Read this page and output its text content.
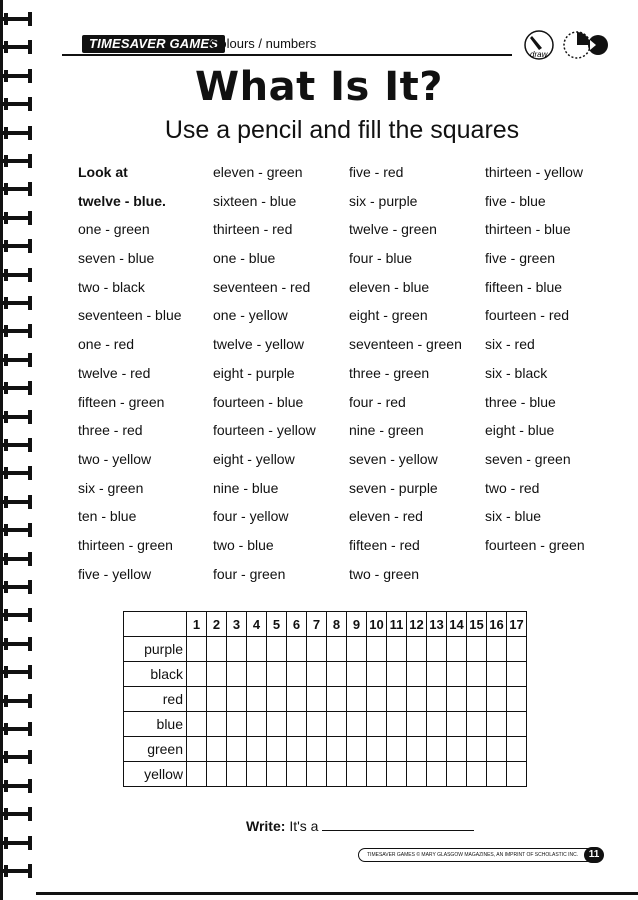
TIMESAVER GAMES
Colours / numbers
draw
What Is It?
Use a pencil and fill the squares
Look at
twelve - blue.
one - green
seven - blue
two - black
seventeen - blue
one - red
twelve - red
fifteen - green
three - red
two - yellow
six - green
ten - blue
thirteen - green
five - yellow
eleven - green
sixteen - blue
thirteen - red
one - blue
seventeen - red
one - yellow
twelve - yellow
eight - purple
fourteen - blue
fourteen - yellow
eight - yellow
nine - blue
four - yellow
two - blue
four - green
five - red
six - purple
twelve - green
four - blue
eleven - blue
eight - green
seventeen - green
three - green
four - red
nine - green
seven - yellow
seven - purple
eleven - red
fifteen - red
two - green
thirteen - yellow
five - blue
thirteen - blue
five - green
fifteen - blue
fourteen - red
six - red
six - black
three - blue
eight - blue
seven - green
two - red
six - blue
fourteen - green
	1	2	3	4	5	6	7	8	9	10	11	12	13	14	15	16	17
purple																	
black																	
red																	
blue																	
green																	
yellow																	
Write: It's a
TIMESAVER GAMES © MARY GLASGOW MAGAZINES, AN IMPRINT OF SCHOLASTIC INC.	11
